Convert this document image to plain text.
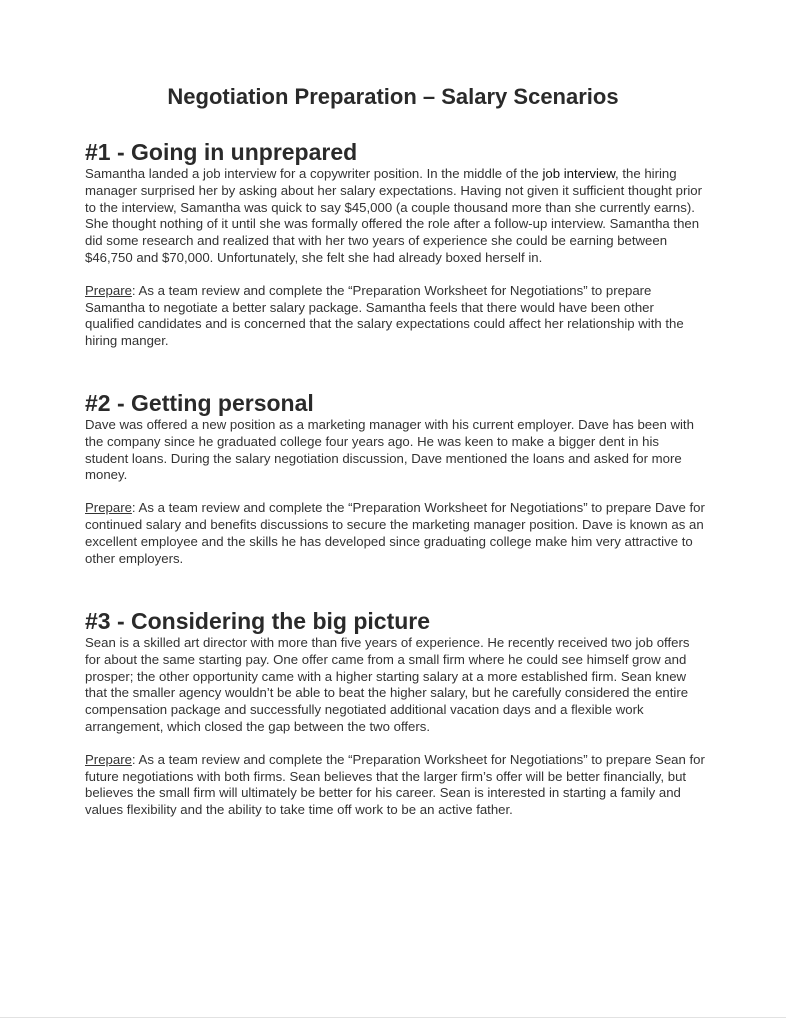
Negotiation Preparation – Salary Scenarios
#1 - Going in unprepared

Samantha landed a job interview for a copywriter position. In the middle of the job interview, the hiring manager surprised her by asking about her salary expectations. Having not given it sufficient thought prior to the interview, Samantha was quick to say $45,000 (a couple thousand more than she currently earns). She thought nothing of it until she was formally offered the role after a follow-up interview. Samantha then did some research and realized that with her two years of experience she could be earning between $46,750 and $70,000. Unfortunately, she felt she had already boxed herself in.

Prepare: As a team review and complete the “Preparation Worksheet for Negotiations” to prepare Samantha to negotiate a better salary package. Samantha feels that there would have been other qualified candidates and is concerned that the salary expectations could affect her relationship with the hiring manger.

#2 - Getting personal

Dave was offered a new position as a marketing manager with his current employer. Dave has been with the company since he graduated college four years ago. He was keen to make a bigger dent in his student loans. During the salary negotiation discussion, Dave mentioned the loans and asked for more money.

Prepare: As a team review and complete the “Preparation Worksheet for Negotiations” to prepare Dave for continued salary and benefits discussions to secure the marketing manager position. Dave is known as an excellent employee and the skills he has developed since graduating college make him very attractive to other employers.

#3 - Considering the big picture

Sean is a skilled art director with more than five years of experience. He recently received two job offers for about the same starting pay. One offer came from a small firm where he could see himself grow and prosper; the other opportunity came with a higher starting salary at a more established firm. Sean knew that the smaller agency wouldn’t be able to beat the higher salary, but he carefully considered the entire compensation package and successfully negotiated additional vacation days and a flexible work arrangement, which closed the gap between the two offers.

Prepare: As a team review and complete the “Preparation Worksheet for Negotiations” to prepare Sean for future negotiations with both firms. Sean believes that the larger firm’s offer will be better financially, but believes the small firm will ultimately be better for his career. Sean is interested in starting a family and values flexibility and the ability to take time off work to be an active father.
